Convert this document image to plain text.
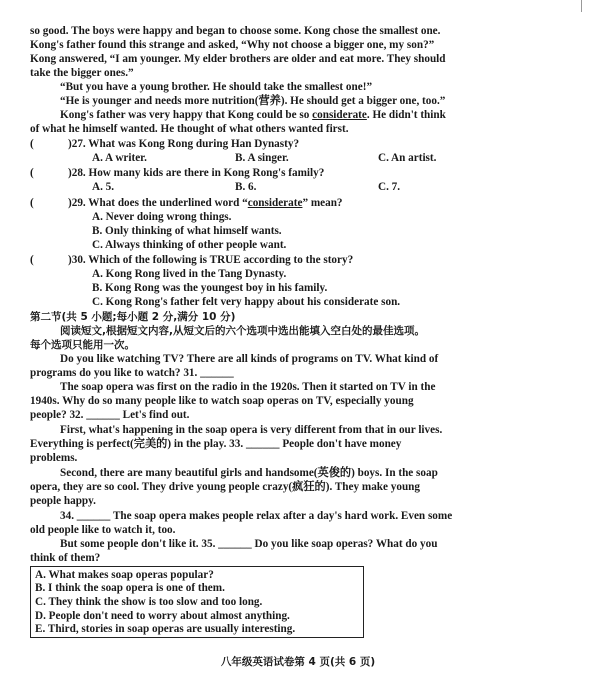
so good. The boys were happy and began to choose some. Kong chose the smallest one.
Kong's father found this strange and asked, “Why not choose a bigger one, my son?”
Kong answered, “I am younger. My elder brothers are older and eat more. They should
take the bigger ones.”
“But you have a young brother. He should take the smallest one!”
“He is younger and needs more nutrition(营养). He should get a bigger one, too.”
Kong's father was very happy that Kong could be so considerate. He didn't think
of what he himself wanted. He thought of what others wanted first.
(	)27. What was Kong Rong during Han Dynasty?
A. A writer.	B. A singer.	C. An artist.
(	)28. How many kids are there in Kong Rong's family?
A. 5.	B. 6.	C. 7.
(	)29. What does the underlined word “considerate” mean?
A. Never doing wrong things.
B. Only thinking of what himself wants.
C. Always thinking of other people want.
(	)30. Which of the following is TRUE according to the story?
A. Kong Rong lived in the Tang Dynasty.
B. Kong Rong was the youngest boy in his family.
C. Kong Rong's father felt very happy about his considerate son.
第二节(共 5 小题;每小题 2 分,满分 10 分)
阅读短文,根据短文内容,从短文后的六个选项中选出能填入空白处的最佳选项。
每个选项只能用一次。
Do you like watching TV? There are all kinds of programs on TV. What kind of
programs do you like to watch? 31. ______
The soap opera was first on the radio in the 1920s. Then it started on TV in the
1940s. Why do so many people like to watch soap operas on TV, especially young
people? 32. ______ Let's find out.
First, what's happening in the soap opera is very different from that in our lives.
Everything is perfect(完美的) in the play. 33. ______ People don't have money
problems.
Second, there are many beautiful girls and handsome(英俊的) boys. In the soap
opera, they are so cool. They drive young people crazy(疯狂的). They make young
people happy.
34. ______ The soap opera makes people relax after a day's hard work. Even some
old people like to watch it, too.
But some people don't like it. 35. ______ Do you like soap operas? What do you
think of them?
A. What makes soap operas popular?
B. I think the soap opera is one of them.
C. They think the show is too slow and too long.
D. People don't need to worry about almost anything.
E. Third, stories in soap operas are usually interesting.
八年级英语试卷第 4 页(共 6 页)
